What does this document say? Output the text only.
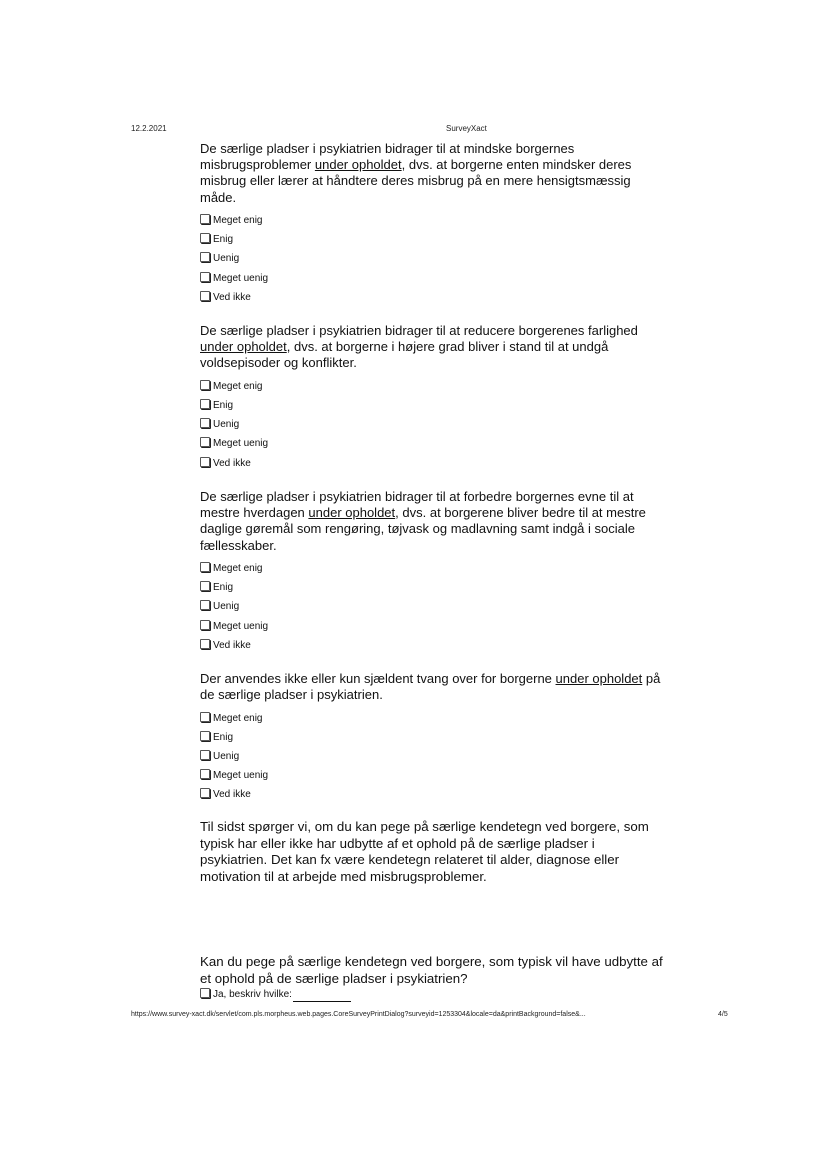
12.2.2021	SurveyXact

De særlige pladser i psykiatrien bidrager til at mindske borgernes misbrugsproblemer under opholdet, dvs. at borgerne enten mindsker deres misbrug eller lærer at håndtere deres misbrug på en mere hensigtsmæssig måde.

Meget enig
Enig
Uenig
Meget uenig
Ved ikke

De særlige pladser i psykiatrien bidrager til at reducere borgerenes farlighed under opholdet, dvs. at borgerne i højere grad bliver i stand til at undgå voldsepisoder og konflikter.

Meget enig
Enig
Uenig
Meget uenig
Ved ikke

De særlige pladser i psykiatrien bidrager til at forbedre borgernes evne til at mestre hverdagen under opholdet, dvs. at borgerene bliver bedre til at mestre daglige gøremål som rengøring, tøjvask og madlavning samt indgå i sociale fællesskaber.

Meget enig
Enig
Uenig
Meget uenig
Ved ikke

Der anvendes ikke eller kun sjældent tvang over for borgerne under opholdet på de særlige pladser i psykiatrien.

Meget enig
Enig
Uenig
Meget uenig
Ved ikke

Til sidst spørger vi, om du kan pege på særlige kendetegn ved borgere, som typisk har eller ikke har udbytte af et ophold på de særlige pladser i psykiatrien. Det kan fx være kendetegn relateret til alder, diagnose eller motivation til at arbejde med misbrugsproblemer.

Kan du pege på særlige kendetegn ved borgere, som typisk vil have udbytte af et ophold på de særlige pladser i psykiatrien?

Ja, beskriv hvilke:
https://www.survey-xact.dk/servlet/com.pls.morpheus.web.pages.CoreSurveyPrintDialog?surveyid=1253304&locale=da&printBackground=false&...	4/5
